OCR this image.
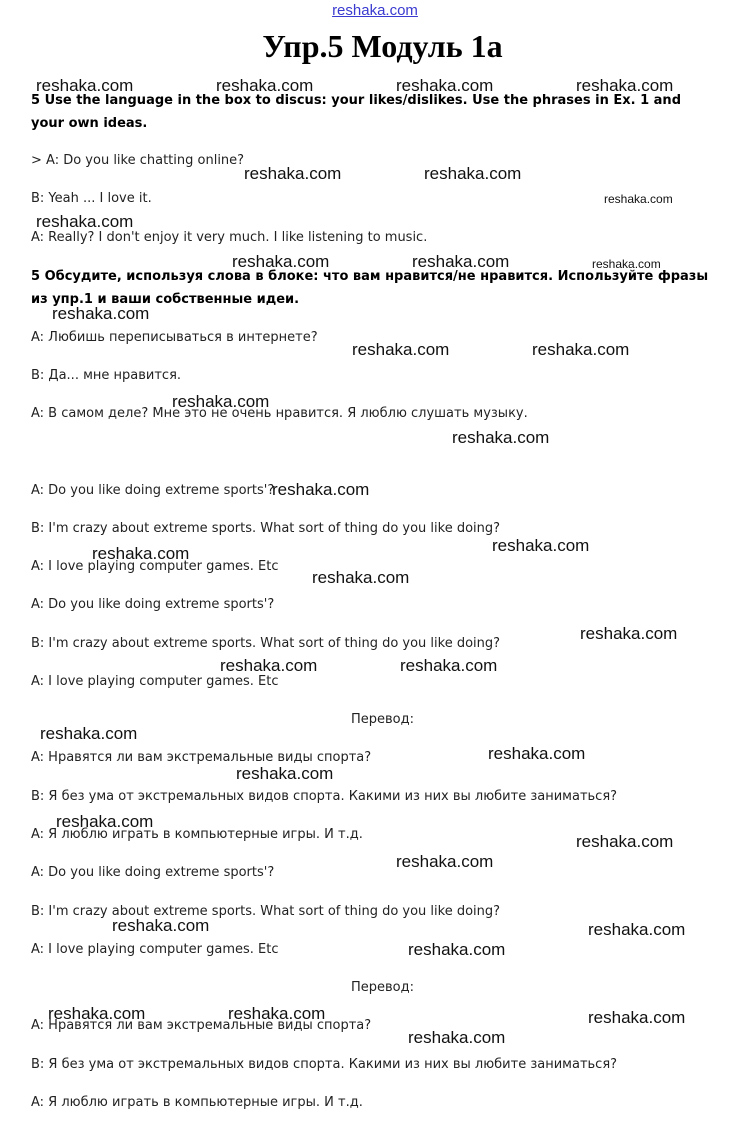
reshaka.com
Упр.5 Модуль 1a
5 Use the language in the box to discus: your likes/dislikes. Use the phrases in Ex. 1 and your own ideas.
5 Обсудите, используя слова в блоке: что вам нравится/не нравится. Используйте фразы из упр.1 и ваши собственные идеи.
> A: Do you like chatting online?
B: Yeah ... I love it.
A: Really? I don't enjoy it very much. I like listening to music.
A: Любишь переписываться в интернете?
B: Да... мне нравится.
A: В самом деле? Мне это не очень нравится. Я люблю слушать музыку.
A: Do you like doing extreme sports'?
B: I'm crazy about extreme sports. What sort of thing do you like doing?
A: I love playing computer games. Etc
A: Do you like doing extreme sports'?
B: I'm crazy about extreme sports. What sort of thing do you like doing?
A: I love playing computer games. Etc
Перевод:
A: Нравятся ли вам экстремальные виды спорта?
B: Я без ума от экстремальных видов спорта. Какими из них вы любите заниматься?
A: Я люблю играть в компьютерные игры. И т.д.
A: Do you like doing extreme sports'?
B: I'm crazy about extreme sports. What sort of thing do you like doing?
A: I love playing computer games. Etc
Перевод:
A: Нравятся ли вам экстремальные виды спорта?
B: Я без ума от экстремальных видов спорта. Какими из них вы любите заниматься?
A: Я люблю играть в компьютерные игры. И т.д.
reshaka.com	reshaka.com	reshaka.com	reshaka.com
reshaka.com	reshaka.com
reshaka.com
reshaka.com
reshaka.com	reshaka.com	reshaka.com
reshaka.com
reshaka.com	reshaka.com
reshaka.com
reshaka.com
reshaka.com
reshaka.com
reshaka.com
reshaka.com
reshaka.com
reshaka.com	reshaka.com
reshaka.com
reshaka.com
reshaka.com
reshaka.com
reshaka.com
reshaka.com
reshaka.com	reshaka.com
reshaka.com
reshaka.com	reshaka.com	reshaka.com
reshaka.com
